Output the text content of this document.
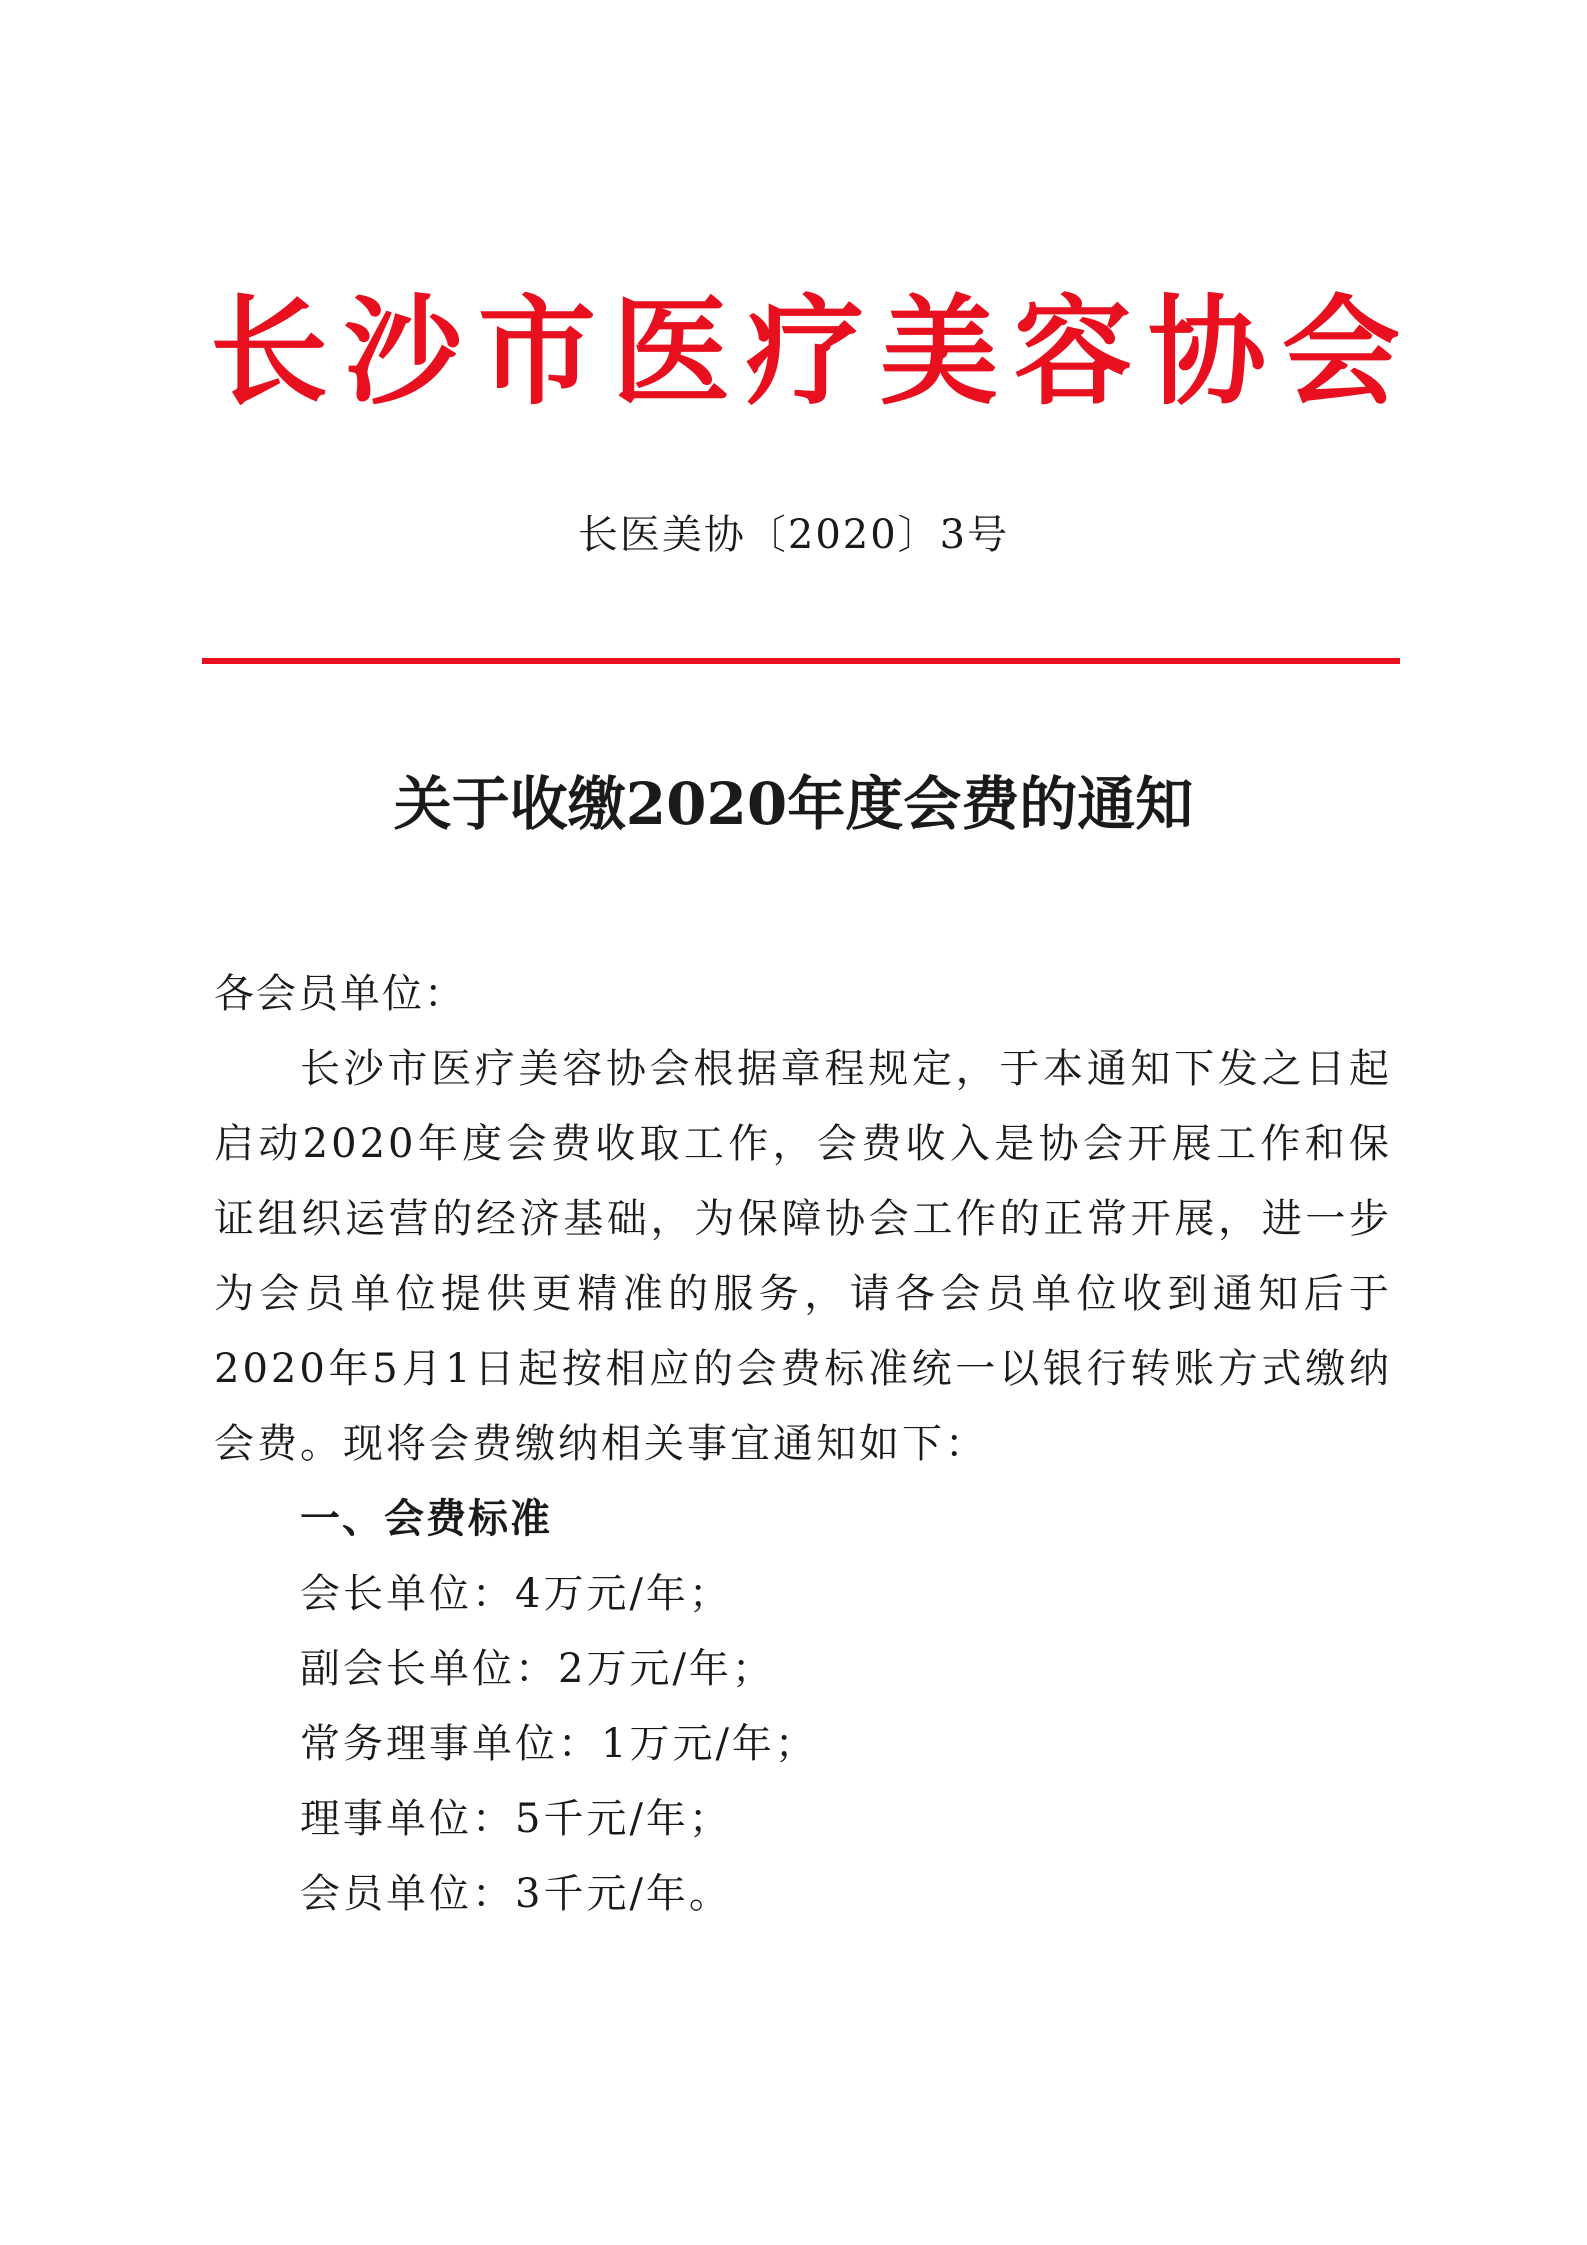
长沙市医疗美容协会
长医美协〔2020〕3号
关于收缴2020年度会费的通知

各会员单位：

长沙市医疗美容协会根据章程规定，于本通知下发之日起启动2020年度会费收取工作，会费收入是协会开展工作和保证组织运营的经济基础，为保障协会工作的正常开展，进一步为会员单位提供更精准的服务，请各会员单位收到通知后于2020年5月1日起按相应的会费标准统一以银行转账方式缴纳会费。现将会费缴纳相关事宜通知如下：

一、会费标准

会长单位：4万元/年；
副会长单位：2万元/年；
常务理事单位：1万元/年；
理事单位：5千元/年；
会员单位：3千元/年。
